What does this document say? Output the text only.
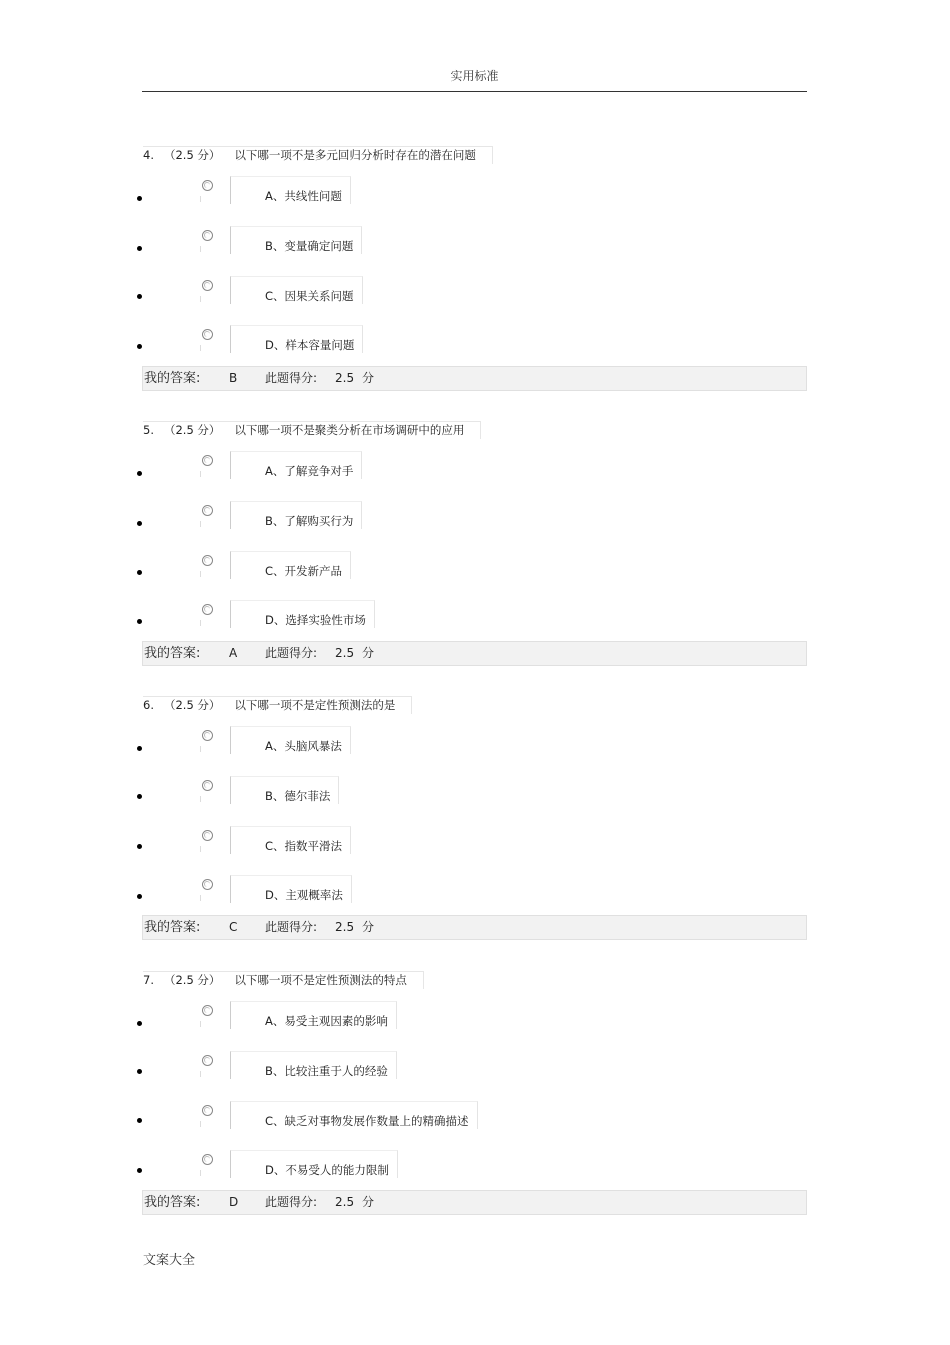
实用标准
4. （2.5 分） 以下哪一项不是多元回归分析时存在的潜在问题
A、共线性问题
B、变量确定问题
C、因果关系问题
D、样本容量问题
我的答案: B 此题得分: 2.5 分
5. （2.5 分） 以下哪一项不是聚类分析在市场调研中的应用
A、了解竞争对手
B、了解购买行为
C、开发新产品
D、选择实验性市场
我的答案: A 此题得分: 2.5 分
6. （2.5 分） 以下哪一项不是定性预测法的是
A、头脑风暴法
B、德尔菲法
C、指数平滑法
D、主观概率法
我的答案: C 此题得分: 2.5 分
7. （2.5 分） 以下哪一项不是定性预测法的特点
A、易受主观因素的影响
B、比较注重于人的经验
C、缺乏对事物发展作数量上的精确描述
D、不易受人的能力限制
我的答案: D 此题得分: 2.5 分
文案大全
